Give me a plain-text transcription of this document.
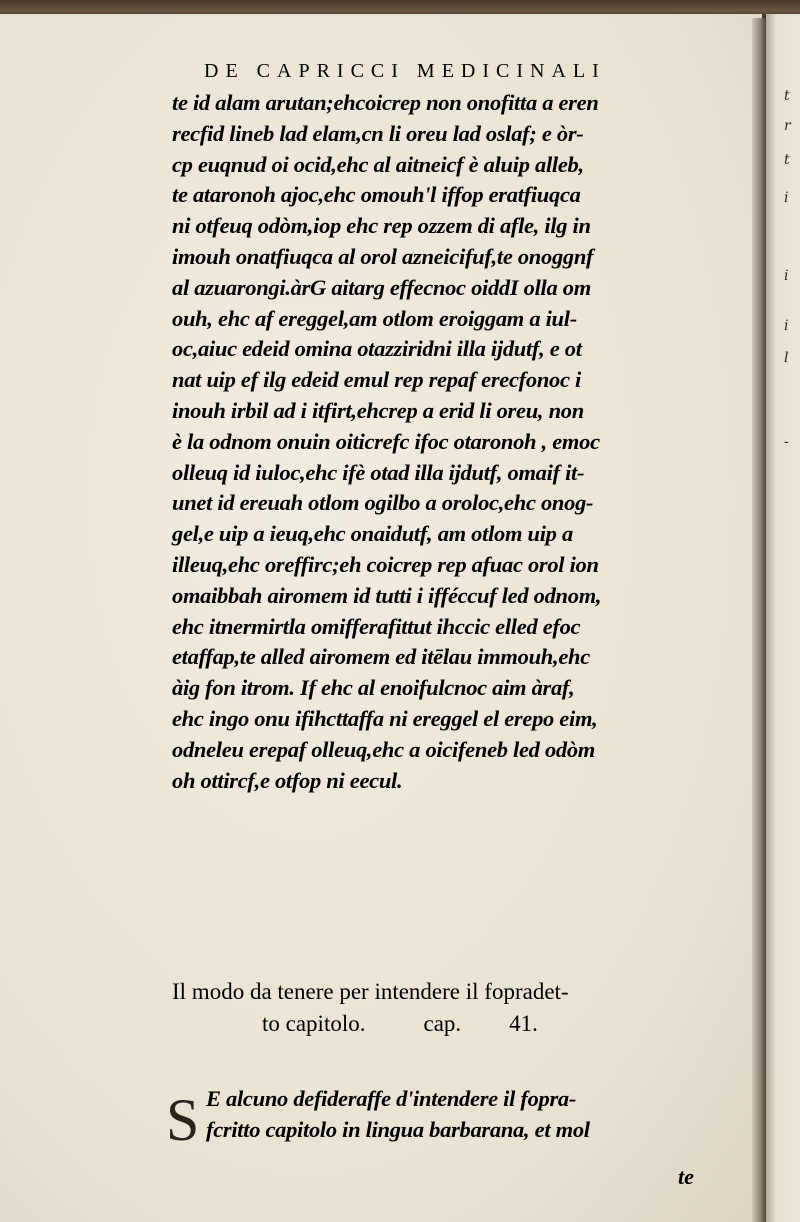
t
r
t
i
i
i
l
-
DE CAPRICCI MEDICINALI
te id alam arutan;ehcoicrep non onofitta a eren
recfid lineb lad elam,cn li oreu lad oslaf; e òr-
cp euqnud oi ocid,ehc al aitneicf è aluip alleb,
te ataronoh ajoc,ehc omouh'l iffop eratfiuqca
ni otfeuq odòm,iop ehc rep ozzem di afle, ilg in
imouh onatfiuqca al orol azneicifuf,te onoggnf
al azuarongi.àrG aitarg effecnoc oiddI olla om
ouh, ehc af ereggel,am otlom eroiggam a iul-
oc,aiuc edeid omina otazziridni illa ijdutf, e ot
nat uip ef ilg edeid emul rep repaf erecfonoc i
inouh irbil ad i itfirt,ehcrep a erid li oreu, non
è la odnom onuin oiticrefc ifoc otaronoh , emoc
olleuq id iuloc,ehc ifè otad illa ijdutf, omaif it-
unet id ereuah otlom ogilbo a oroloc,ehc onog-
gel,e uip a ieuq,ehc onaidutf, am otlom uip a
illeuq,ehc oreffirc;eh coicrep rep afuac orol ion
omaibbah airomem id tutti i ifféccuf led odnom,
ehc itnermirtla omifferafittut ihccic elled efoc
etaffap,te alled airomem ed itēlau immouh,ehc
àig fon itrom. If ehc al enoifulcnoc aim àraf,
ehc ingo onu ifihcttaffa ni ereggel el erepo eim,
odneleu erepaf olleuq,ehc a oicifeneb led odòm
oh ottircf,e otfop ni eecul.
Il modo da tenere per intendere il fopradet-
to capitolo.	cap. 41.
S E alcuno defideraffe d'intendere il fopra-
fcritto capitolo in lingua barbarana, et mol
te
